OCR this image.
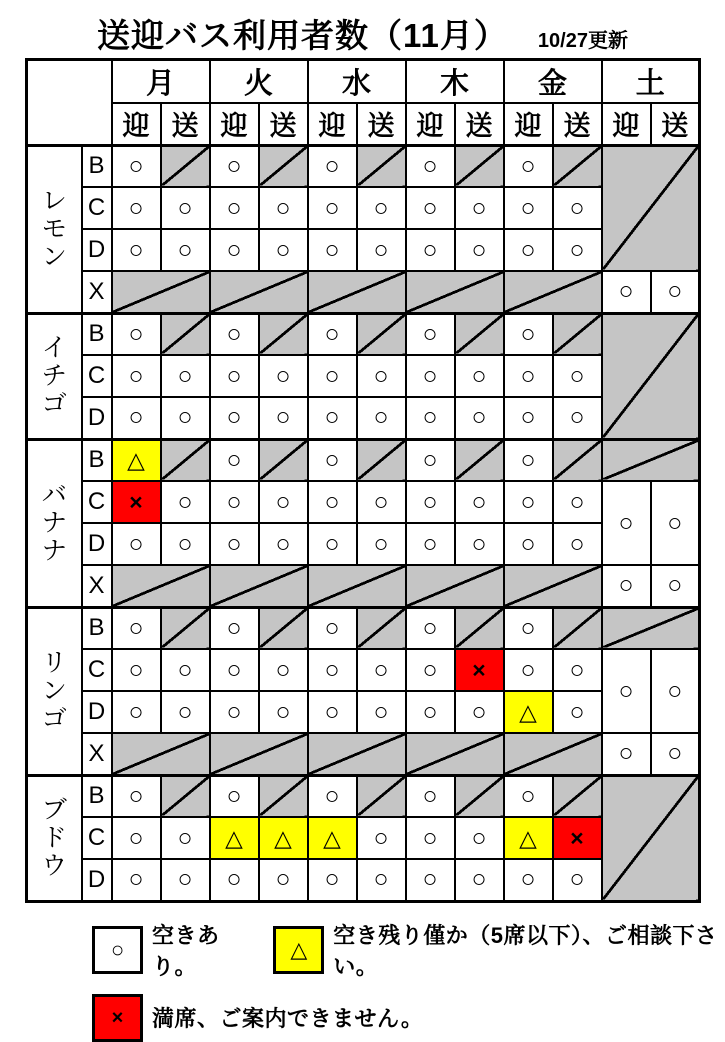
送迎バス利用者数（11月） 10/27更新
		月		火		水		木		金		土	
		迎	送	迎	送	迎	送	迎	送	迎	送	迎	送

レ
モ
ン	B	○		○		○		○		○			
	C	○	○	○	○	○	○	○	○	○	○		
	D	○	○	○	○	○	○	○	○	○	○		
	X											○	○

イ
チ
ゴ	B	○		○		○		○		○			
	C	○	○	○	○	○	○	○	○	○	○		
	D	○	○	○	○	○	○	○	○	○	○		

バ
ナ
ナ	B	△		○		○		○		○			
	C	×	○	○	○	○	○	○	○	○	○	○	○
	D	○	○	○	○	○	○	○	○	○	○		
	X											○	○

リ
ン
ゴ	B	○		○		○		○		○			
	C	○	○	○	○	○	○	○	×	○	○	○	○
	D	○	○	○	○	○	○	○	○	△	○		
	X											○	○

ブ
ド
ウ	B	○		○		○		○		○			
	C	○	○	△	△	△	○	○	○	△	×		
	D	○	○	○	○	○	○	○	○	○	○		
○
空きあり。
△
空き残り僅か（5席以下）、ご相談下さい。
×	満席、ご案内できません。
